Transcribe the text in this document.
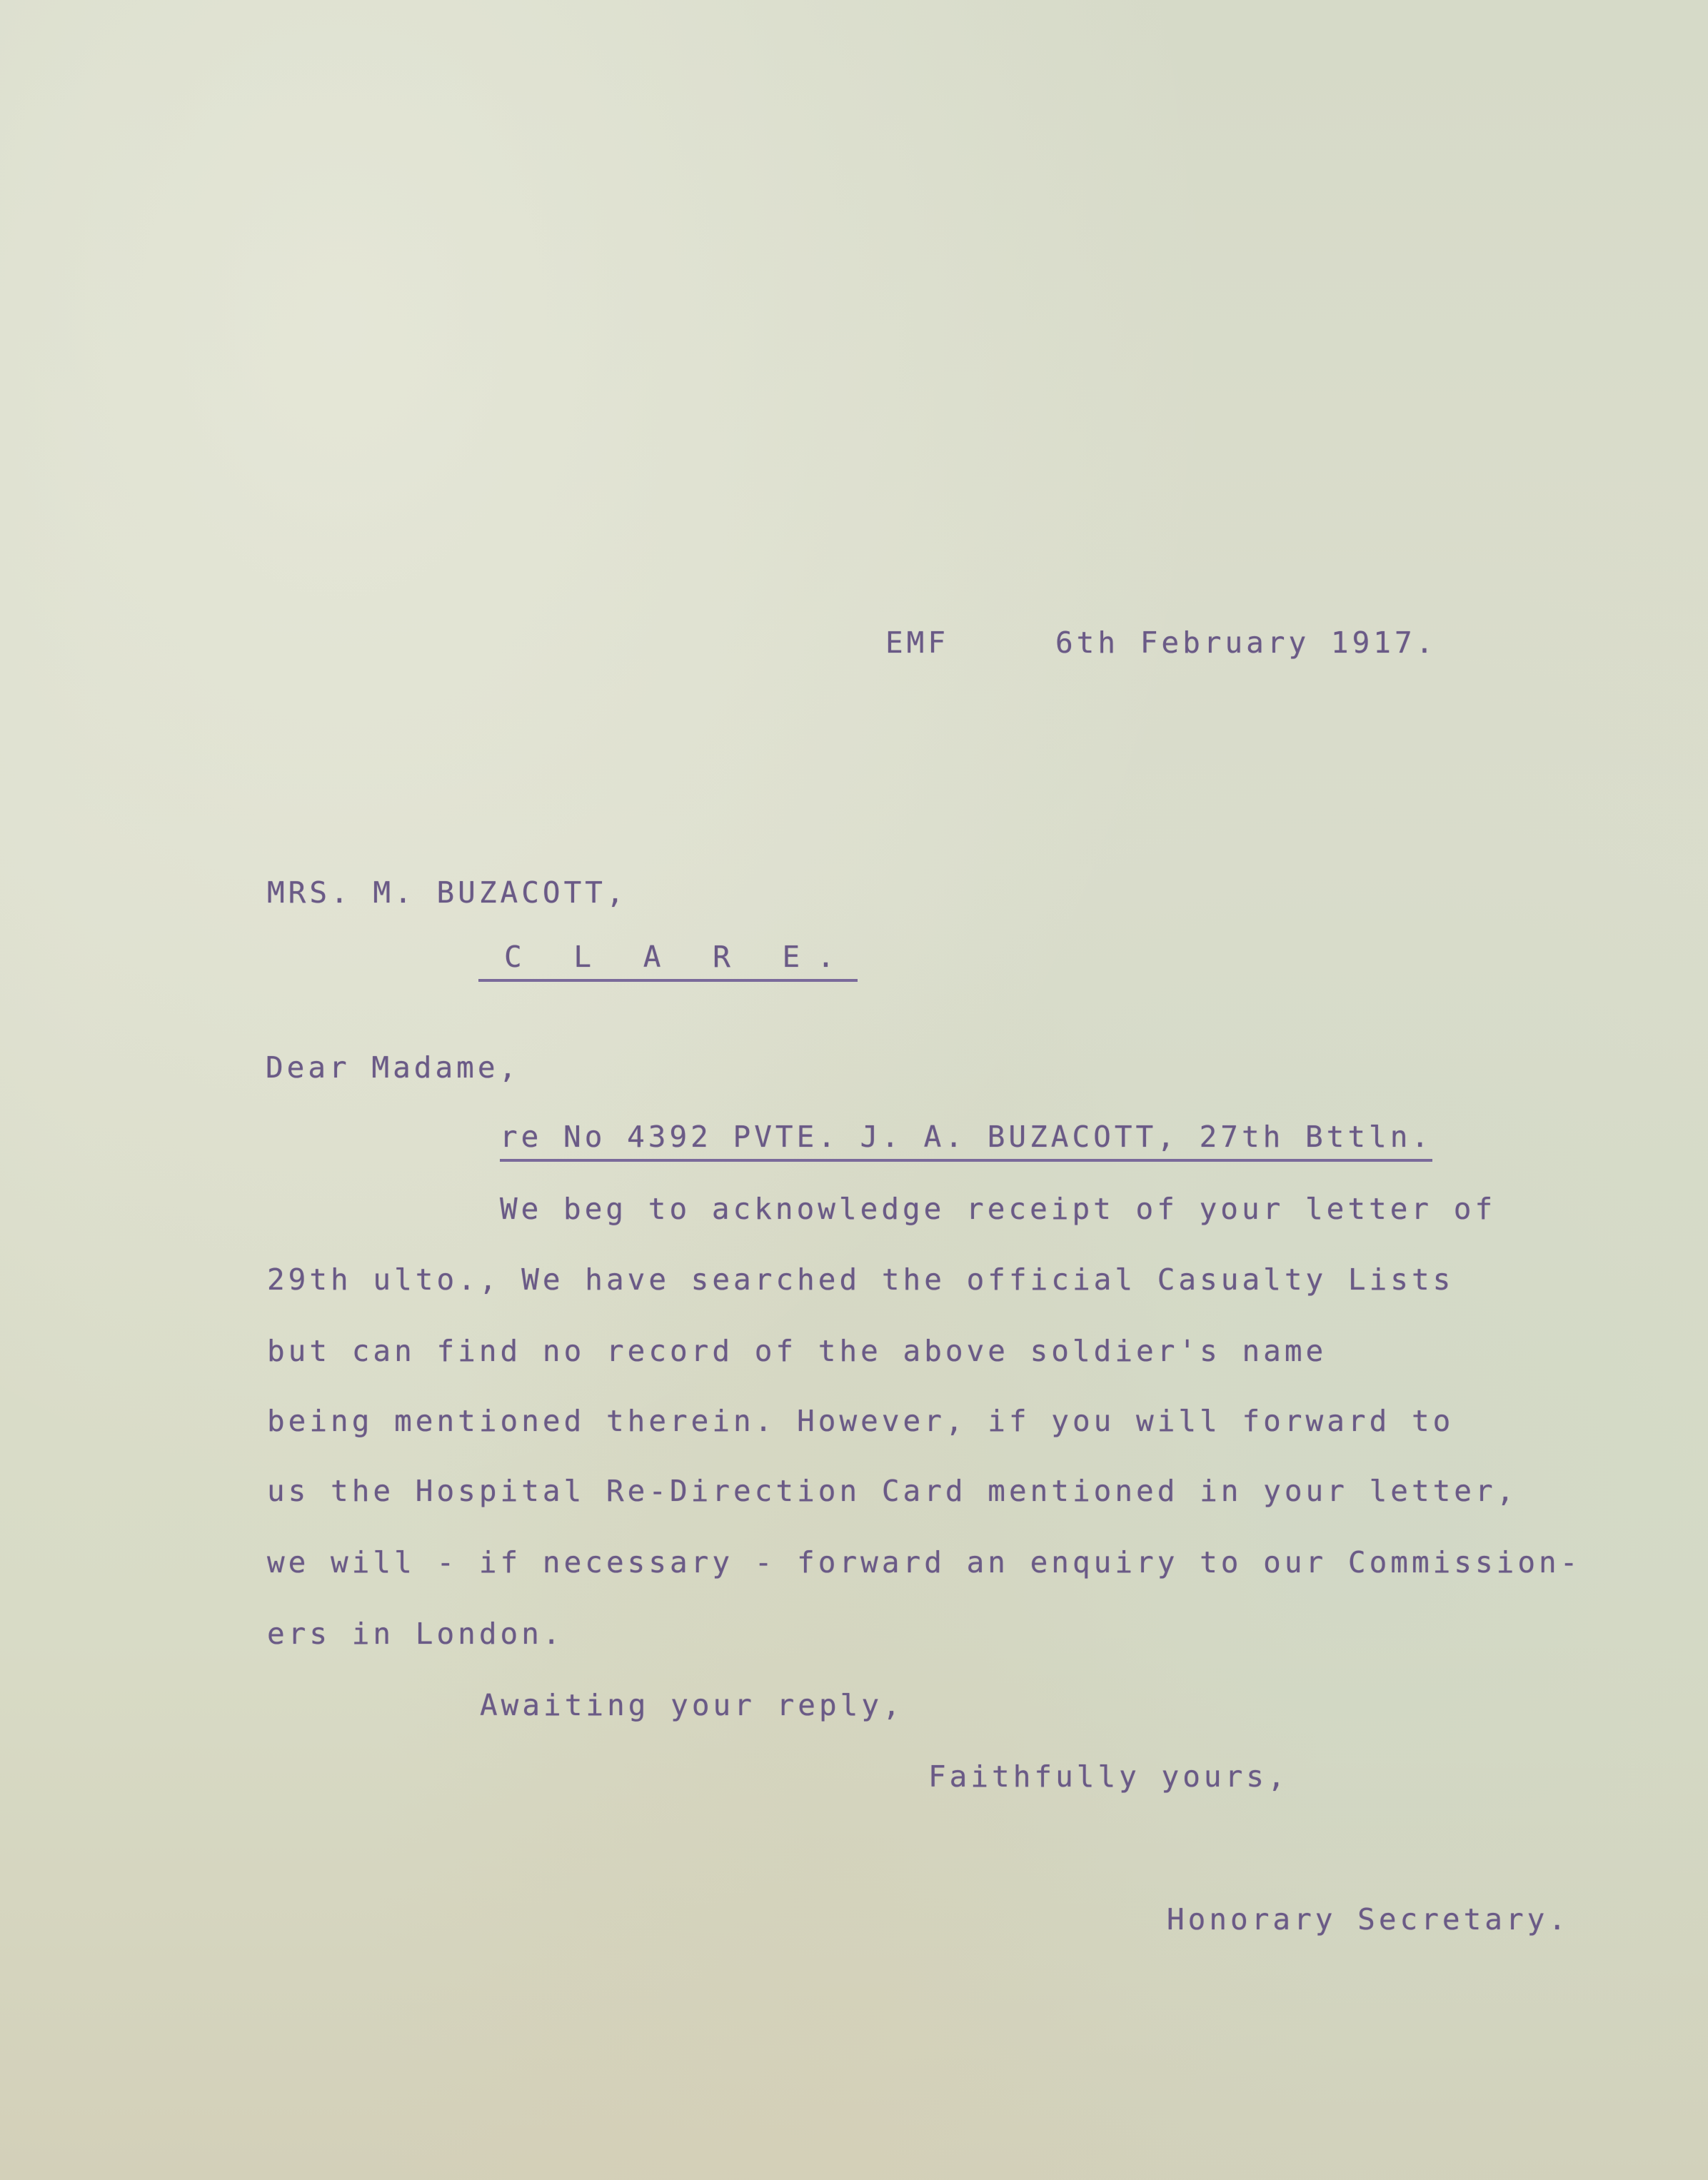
EMF	6th February 1917.
MRS. M. BUZACOTT,
C L A R E.
Dear Madame,
re No 4392 PVTE. J. A. BUZACOTT, 27th Bttln.
We beg to acknowledge receipt of your letter of
29th ulto., We have searched the official Casualty Lists
but can find no record of the above soldier's name
being mentioned therein. However, if you will forward to
us the Hospital Re-Direction Card mentioned in your letter,
we will - if necessary - forward an enquiry to our Commission-
ers in London.
Awaiting your reply,
Faithfully yours,
Honorary Secretary.
